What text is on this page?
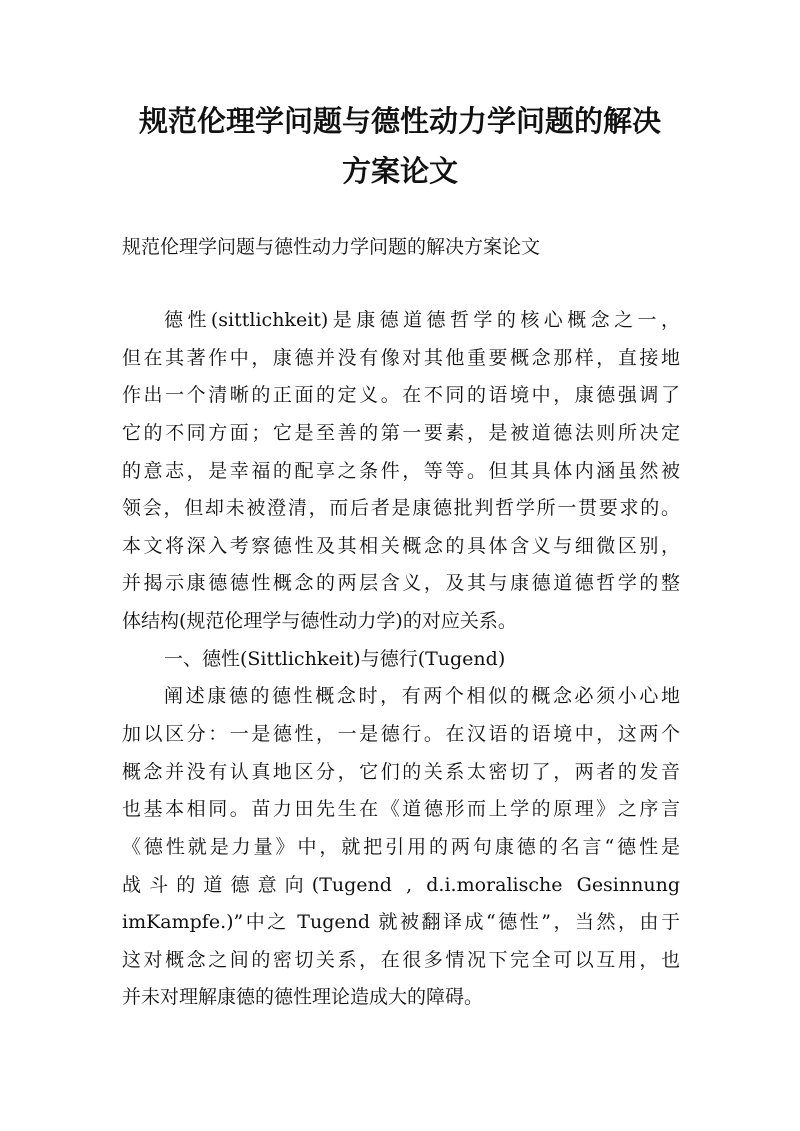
规范伦理学问题与德性动力学问题的解决
方案论文

规范伦理学问题与德性动力学问题的解决方案论文

德性(sittlichkeit)是康德道德哲学的核心概念之一，
但在其著作中，康德并没有像对其他重要概念那样，直接地
作出一个清晰的正面的定义。在不同的语境中，康德强调了
它的不同方面；它是至善的第一要素，是被道德法则所决定
的意志，是幸福的配享之条件，等等。但其具体内涵虽然被
领会，但却未被澄清，而后者是康德批判哲学所一贯要求的。
本文将深入考察德性及其相关概念的具体含义与细微区别，
并揭示康德德性概念的两层含义，及其与康德道德哲学的整
体结构(规范伦理学与德性动力学)的对应关系。
一、德性(Sittlichkeit)与德行(Tugend)
阐述康德的德性概念时，有两个相似的概念必须小心地
加以区分：一是德性，一是德行。在汉语的语境中，这两个
概念并没有认真地区分，它们的关系太密切了，两者的发音
也基本相同。苗力田先生在《道德形而上学的原理》之序言
《德性就是力量》中，就把引用的两句康德的名言“德性是
战斗的道德意向(Tugend , d.i.moralische Gesinnung
imKampfe.)”中之 Tugend 就被翻译成“德性”，当然，由于
这对概念之间的密切关系，在很多情况下完全可以互用，也
并未对理解康德的德性理论造成大的障碍。
